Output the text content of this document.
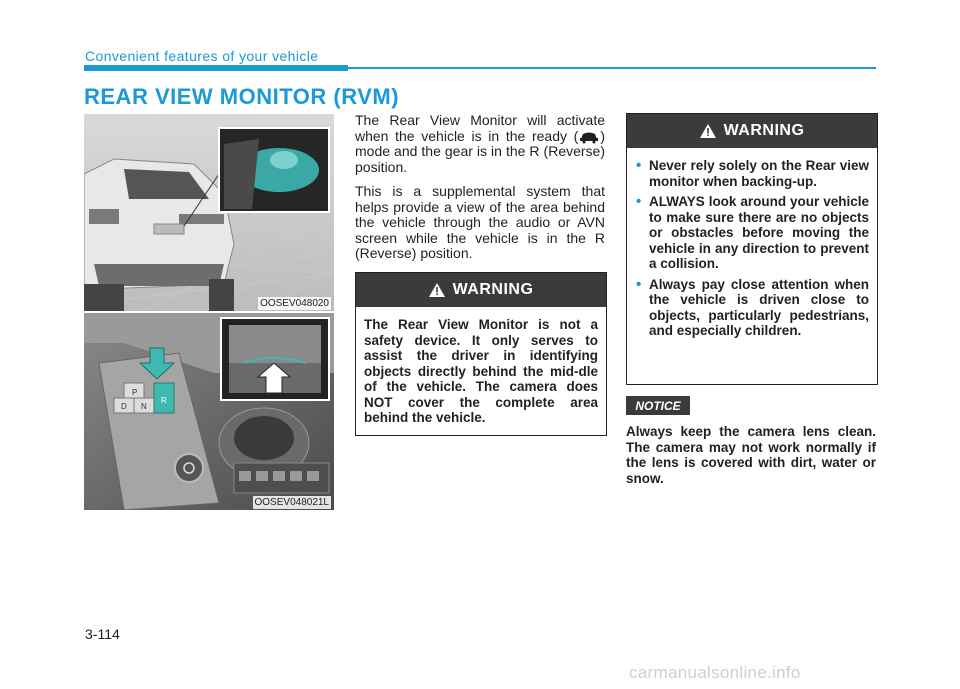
Convenient features of your vehicle
REAR VIEW MONITOR (RVM)
OOSEV048020
P
D N
R
OOSEV048021L

The Rear View Monitor will activate when the vehicle is in the ready ( ) mode and the gear is in the R (Reverse) position.

This is a supplemental system that helps provide a view of the area behind the vehicle through the audio or AVN screen while the vehicle is in the R (Reverse) position.

WARNING
The Rear View Monitor is not a safety device. It only serves to assist the driver in identifying objects directly behind the mid-dle of the vehicle. The camera does NOT cover the complete area behind the vehicle.
WARNING
• Never rely solely on the Rear view monitor when backing-up.
• ALWAYS look around your vehicle to make sure there are no objects or obstacles before moving the vehicle in any direction to prevent a collision.
• Always pay close attention when the vehicle is driven close to objects, particularly pedestrians, and especially children.
NOTICE
Always keep the camera lens clean. The camera may not work normally if the lens is covered with dirt, water or snow.
3-114
carmanualsonline.info
